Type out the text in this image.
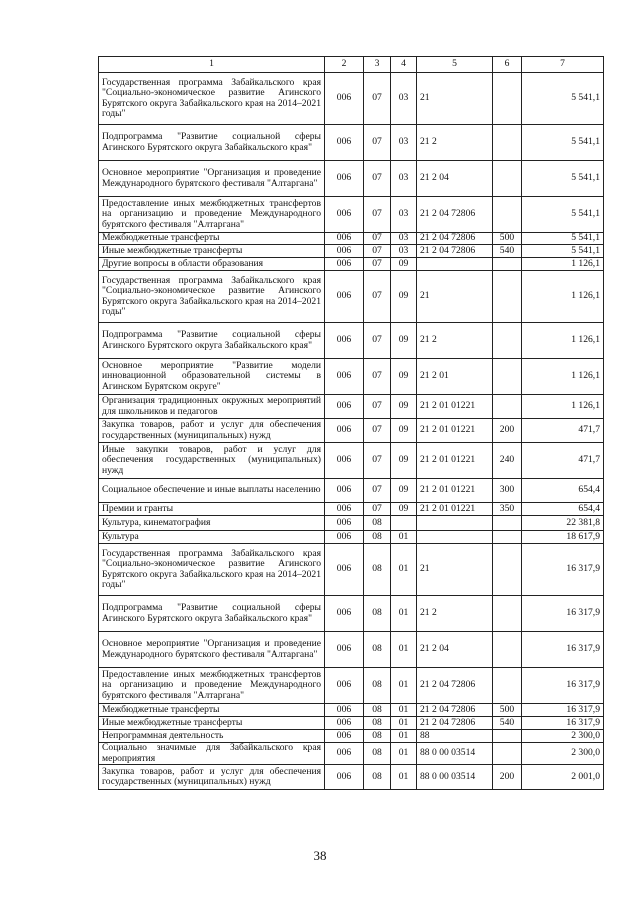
1	2	3	4	5	6	7
Государственная программа Забайкальского края "Социально-экономическое развитие Агинского Бурятского округа Забайкальского края на 2014–2021 годы"	006	07	03	21		5 541,1
Подпрограмма "Развитие социальной сферы Агинского Бурятского округа Забайкальского края"	006	07	03	21 2		5 541,1
Основное мероприятие "Организация и проведение Международного бурятского фестиваля "Алтаргана"	006	07	03	21 2 04		5 541,1
Предоставление иных межбюджетных трансфертов на организацию и проведение Международного бурятского фестиваля "Алтаргана"	006	07	03	21 2 04 72806		5 541,1
Межбюджетные трансферты	006	07	03	21 2 04 72806	500	5 541,1
Иные межбюджетные трансферты	006	07	03	21 2 04 72806	540	5 541,1
Другие вопросы в области образования	006	07	09			1 126,1
Государственная программа Забайкальского края "Социально-экономическое развитие Агинского Бурятского округа Забайкальского края на 2014–2021 годы"	006	07	09	21		1 126,1
Подпрограмма "Развитие социальной сферы Агинского Бурятского округа Забайкальского края"	006	07	09	21 2		1 126,1
Основное мероприятие "Развитие модели инновационной образовательной системы в Агинском Бурятском округе"	006	07	09	21 2 01		1 126,1
Организация традиционных окружных мероприятий для школьников и педагогов	006	07	09	21 2 01 01221		1 126,1
Закупка товаров, работ и услуг для обеспечения государственных (муниципальных) нужд	006	07	09	21 2 01 01221	200	471,7
Иные закупки товаров, работ и услуг для обеспечения государственных (муниципальных) нужд	006	07	09	21 2 01 01221	240	471,7
Социальное обеспечение и иные выплаты населению	006	07	09	21 2 01 01221	300	654,4
Премии и гранты	006	07	09	21 2 01 01221	350	654,4
Культура, кинематография	006	08				22 381,8
Культура	006	08	01			18 617,9
Государственная программа Забайкальского края "Социально-экономическое развитие Агинского Бурятского округа Забайкальского края на 2014–2021 годы"	006	08	01	21		16 317,9
Подпрограмма "Развитие социальной сферы Агинского Бурятского округа Забайкальского края"	006	08	01	21 2		16 317,9
Основное мероприятие "Организация и проведение Международного бурятского фестиваля "Алтаргана"	006	08	01	21 2 04		16 317,9
Предоставление иных межбюджетных трансфертов на организацию и проведение Международного бурятского фестиваля "Алтаргана"	006	08	01	21 2 04 72806		16 317,9
Межбюджетные трансферты	006	08	01	21 2 04 72806	500	16 317,9
Иные межбюджетные трансферты	006	08	01	21 2 04 72806	540	16 317,9
Непрограммная деятельность	006	08	01	88		2 300,0
Социально значимые для Забайкальского края мероприятия	006	08	01	88 0 00 03514		2 300,0
Закупка товаров, работ и услуг для обеспечения государственных (муниципальных) нужд	006	08	01	88 0 00 03514	200	2 001,0
38
